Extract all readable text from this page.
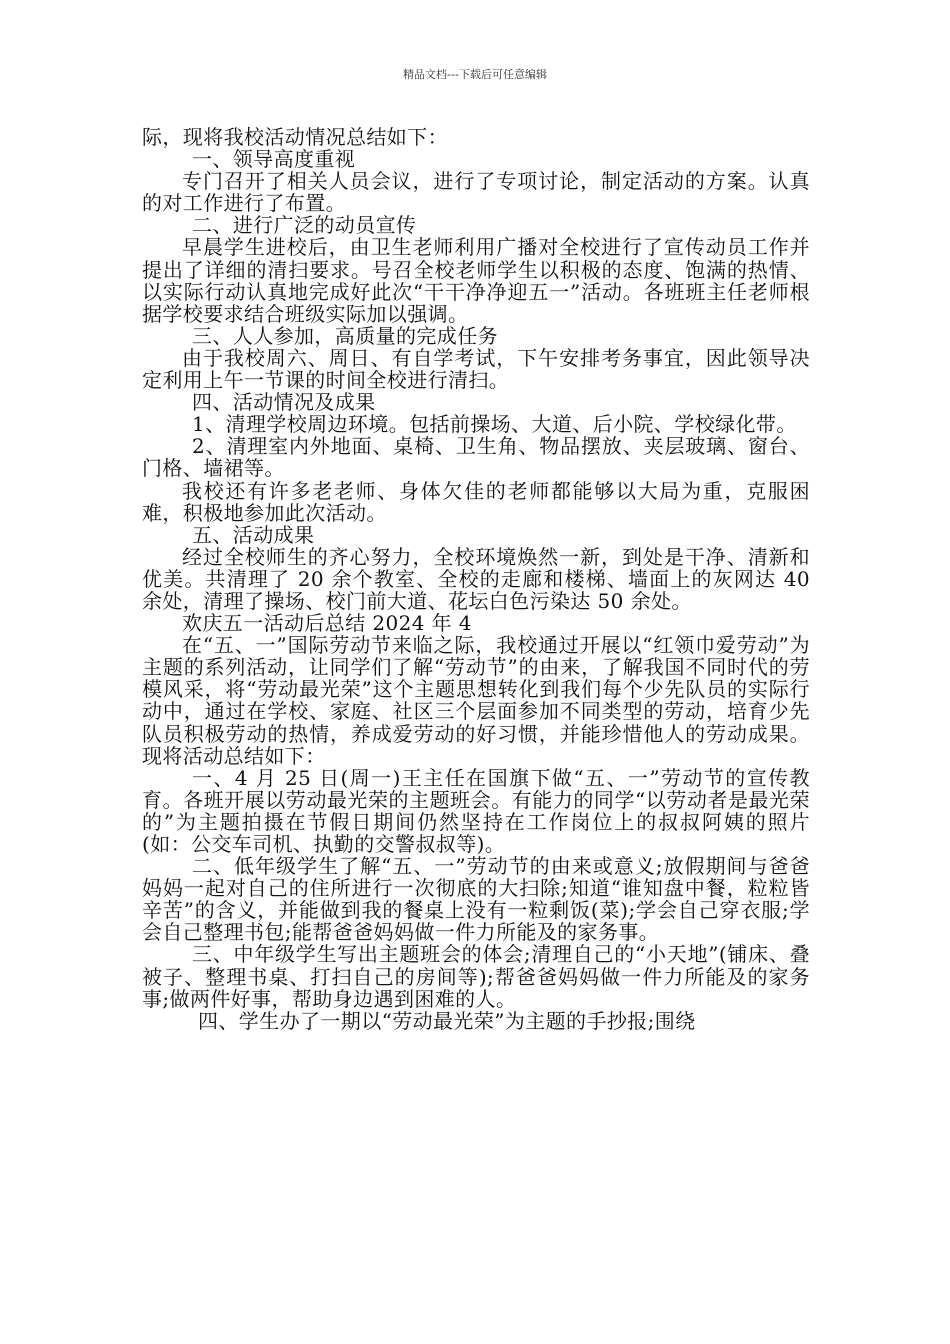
精品文档---下载后可任意编辑

际，现将我校活动情况总结如下：

一、领导高度重视

专门召开了相关人员会议，进行了专项讨论，制定活动的方案。认真的对工作进行了布置。

二、进行广泛的动员宣传

早晨学生进校后，由卫生老师利用广播对全校进行了宣传动员工作并提出了详细的清扫要求。号召全校老师学生以积极的态度、饱满的热情、以实际行动认真地完成好此次“干干净净迎五一”活动。各班班主任老师根据学校要求结合班级实际加以强调。

三、人人参加，高质量的完成任务

由于我校周六、周日、有自学考试，下午安排考务事宜，因此领导决定利用上午一节课的时间全校进行清扫。

四、活动情况及成果

1、清理学校周边环境。包括前操场、大道、后小院、学校绿化带。

2、清理室内外地面、桌椅、卫生角、物品摆放、夹层玻璃、窗台、门格、墙裙等。

我校还有许多老老师、身体欠佳的老师都能够以大局为重，克服困难，积极地参加此次活动。

五、活动成果

经过全校师生的齐心努力，全校环境焕然一新，到处是干净、清新和优美。共清理了 20 余个教室、全校的走廊和楼梯、墙面上的灰网达 40 余处，清理了操场、校门前大道、花坛白色污染达 50 余处。

欢庆五一活动后总结 2024 年 4

在“五、一”国际劳动节来临之际，我校通过开展以“红领巾爱劳动”为主题的系列活动，让同学们了解“劳动节”的由来，了解我国不同时代的劳模风采，将“劳动最光荣”这个主题思想转化到我们每个少先队员的实际行动中，通过在学校、家庭、社区三个层面参加不同类型的劳动，培育少先队员积极劳动的热情，养成爱劳动的好习惯，并能珍惜他人的劳动成果。现将活动总结如下：

一、4 月 25 日(周一)王主任在国旗下做“五、一”劳动节的宣传教育。各班开展以劳动最光荣的主题班会。有能力的同学“以劳动者是最光荣的”为主题拍摄在节假日期间仍然坚持在工作岗位上的叔叔阿姨的照片(如：公交车司机、执勤的交警叔叔等)。

二、低年级学生了解“五、一”劳动节的由来或意义;放假期间与爸爸妈妈一起对自己的住所进行一次彻底的大扫除;知道“谁知盘中餐，粒粒皆辛苦”的含义，并能做到我的餐桌上没有一粒剩饭(菜);学会自己穿衣服;学会自己整理书包;能帮爸爸妈妈做一件力所能及的家务事。

三、中年级学生写出主题班会的体会;清理自己的“小天地”(铺床、叠被子、整理书桌、打扫自己的房间等);帮爸爸妈妈做一件力所能及的家务事;做两件好事，帮助身边遇到困难的人。

四、学生办了一期以“劳动最光荣”为主题的手抄报;围绕
